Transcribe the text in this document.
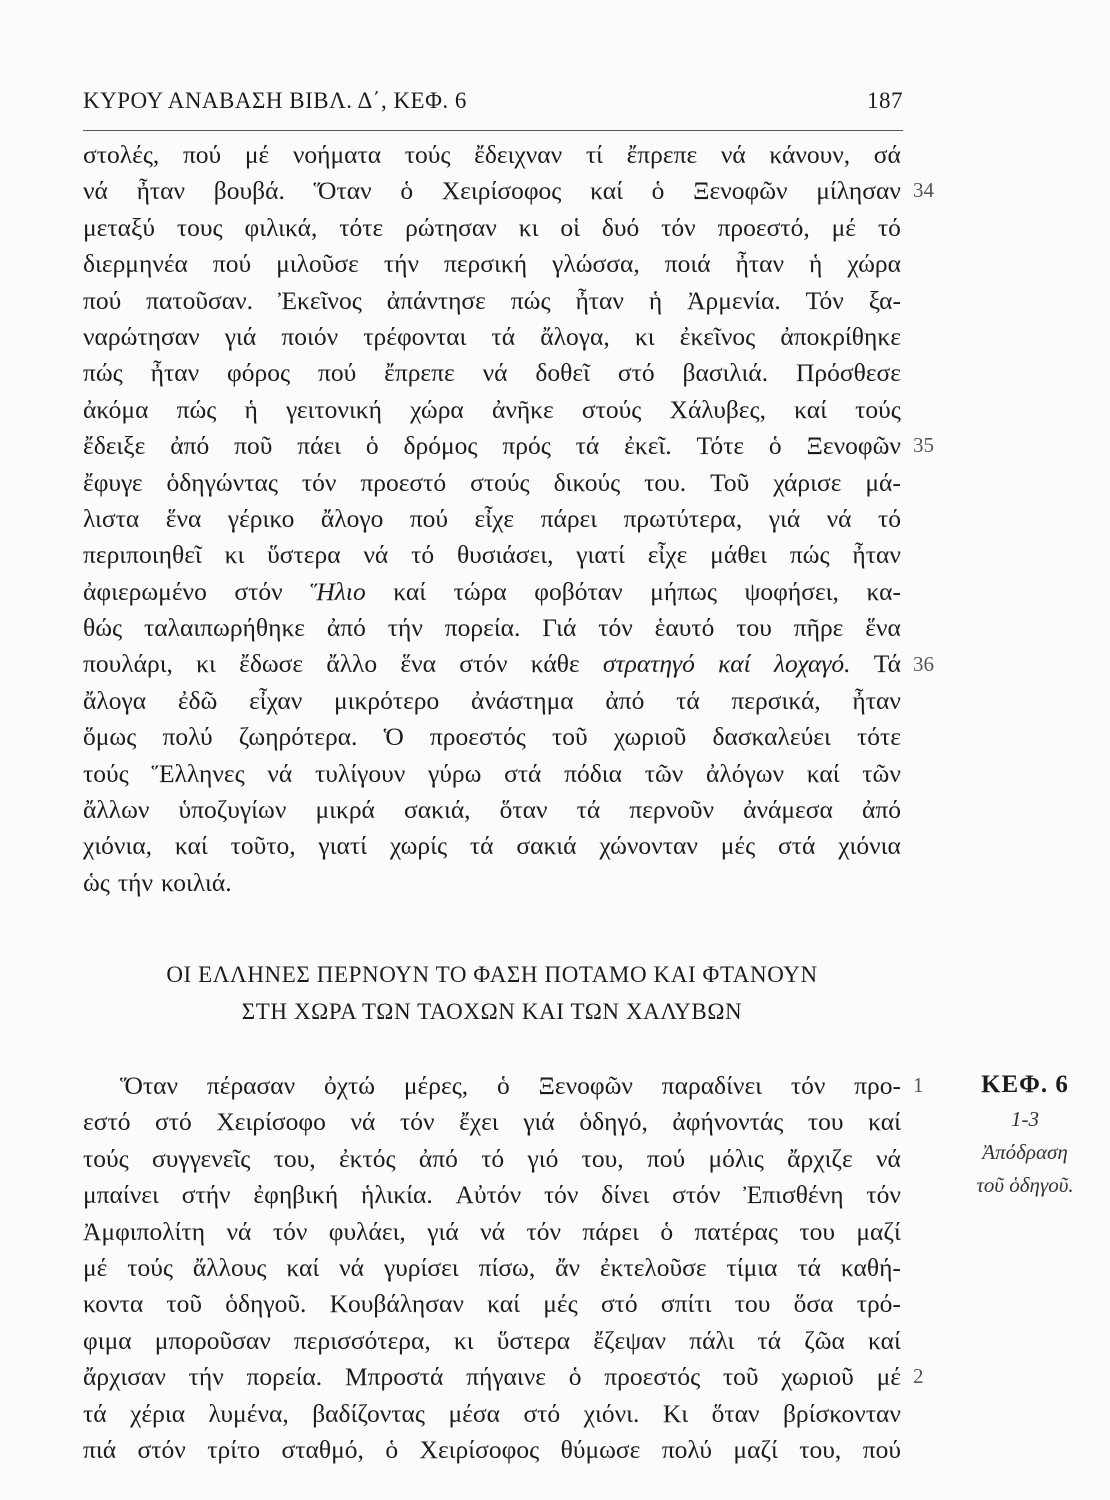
ΚΥΡΟΥ ΑΝΑΒΑΣΗ ΒΙΒΛ. Δ΄, ΚΕΦ. 6	187
στολές, πού μέ νοήματα τούς ἔδειχναν τί ἔπρεπε νά κάνουν, σά
νά ἦταν βουβά. Ὅταν ὁ Χειρίσοφος καί ὁ Ξενοφῶν μίλησαν
μεταξύ τους φιλικά, τότε ρώτησαν κι οἱ δυό τόν προεστό, μέ τό
διερμηνέα πού μιλοῦσε τήν περσική γλώσσα, ποιά ἦταν ἡ χώρα
πού πατοῦσαν. Ἐκεῖνος ἀπάντησε πώς ἦταν ἡ Ἀρμενία. Τόν ξα-
ναρώτησαν γιά ποιόν τρέφονται τά ἄλογα, κι ἐκεῖνος ἀποκρίθηκε
πώς ἦταν φόρος πού ἔπρεπε νά δοθεῖ στό βασιλιά. Πρόσθεσε
ἀκόμα πώς ἡ γειτονική χώρα ἀνῆκε στούς Χάλυβες, καί τούς
ἔδειξε ἀπό ποῦ πάει ὁ δρόμος πρός τά ἐκεῖ. Τότε ὁ Ξενοφῶν
ἔφυγε ὁδηγώντας τόν προεστό στούς δικούς του. Τοῦ χάρισε μά-
λιστα ἕνα γέρικο ἄλογο πού εἶχε πάρει πρωτύτερα, γιά νά τό
περιποιηθεῖ κι ὕστερα νά τό θυσιάσει, γιατί εἶχε μάθει πώς ἦταν
ἀφιερωμένο στόν Ἥλιο καί τώρα φοβόταν μήπως ψοφήσει, κα-
θώς ταλαιπωρήθηκε ἀπό τήν πορεία. Γιά τόν ἑαυτό του πῆρε ἕνα
πουλάρι, κι ἔδωσε ἄλλο ἕνα στόν κάθε στρατηγό καί λοχαγό. Τά
ἄλογα ἐδῶ εἶχαν μικρότερο ἀνάστημα ἀπό τά περσικά, ἦταν
ὅμως πολύ ζωηρότερα. Ὁ προεστός τοῦ χωριοῦ δασκαλεύει τότε
τούς Ἕλληνες νά τυλίγουν γύρω στά πόδια τῶν ἀλόγων καί τῶν
ἄλλων ὑποζυγίων μικρά σακιά, ὅταν τά περνοῦν ἀνάμεσα ἀπό
χιόνια, καί τοῦτο, γιατί χωρίς τά σακιά χώνονταν μές στά χιόνια
ὡς τήν κοιλιά.
ΟΙ ΕΛΛΗΝΕΣ ΠΕΡΝΟΥΝ ΤΟ ΦΑΣΗ ΠΟΤΑΜΟ ΚΑΙ ΦΤΑΝΟΥΝ
ΣΤΗ ΧΩΡΑ ΤΩΝ ΤΑΟΧΩΝ ΚΑΙ ΤΩΝ ΧΑΛΥΒΩΝ
Ὅταν πέρασαν ὀχτώ μέρες, ὁ Ξενοφῶν παραδίνει τόν προ-
εστό στό Χειρίσοφο νά τόν ἔχει γιά ὁδηγό, ἀφήνοντάς του καί
τούς συγγενεῖς του, ἐκτός ἀπό τό γιό του, πού μόλις ἄρχιζε νά
μπαίνει στήν ἐφηβική ἡλικία. Αὐτόν τόν δίνει στόν Ἐπισθένη τόν
Ἀμφιπολίτη νά τόν φυλάει, γιά νά τόν πάρει ὁ πατέρας του μαζί
μέ τούς ἄλλους καί νά γυρίσει πίσω, ἄν ἐκτελοῦσε τίμια τά καθή-
κοντα τοῦ ὁδηγοῦ. Κουβάλησαν καί μές στό σπίτι του ὅσα τρό-
φιμα μποροῦσαν περισσότερα, κι ὕστερα ἔζεψαν πάλι τά ζῶα καί
ἄρχισαν τήν πορεία. Μπροστά πήγαινε ὁ προεστός τοῦ χωριοῦ μέ
τά χέρια λυμένα, βαδίζοντας μέσα στό χιόνι. Κι ὅταν βρίσκονταν
πιά στόν τρίτο σταθμό, ὁ Χειρίσοφος θύμωσε πολύ μαζί του, πού
ΚΕΦ. 6
1-3
Ἀπόδραση
τοῦ ὁδηγοῦ.
34
35
36
1
2
